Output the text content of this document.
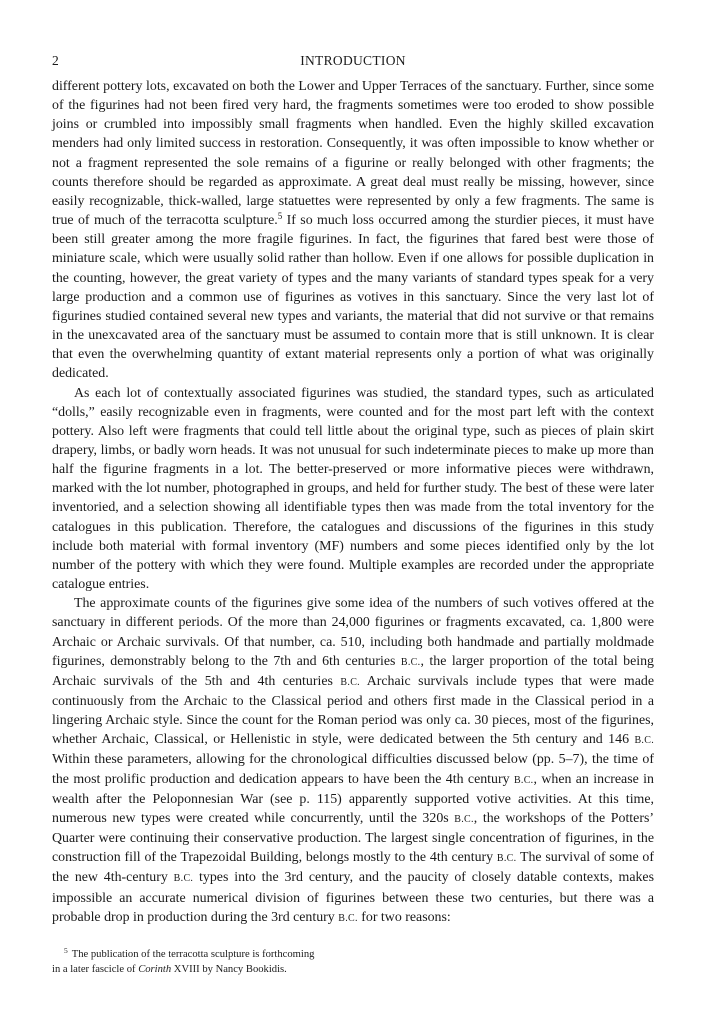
2	INTRODUCTION

different pottery lots, excavated on both the Lower and Upper Terraces of the sanctuary. Further, since some of the figurines had not been fired very hard, the fragments sometimes were too eroded to show possible joins or crumbled into impossibly small fragments when handled. Even the highly skilled excavation menders had only limited success in restoration. Consequently, it was often impossible to know whether or not a fragment represented the sole remains of a figurine or really belonged with other fragments; the counts therefore should be regarded as approximate. A great deal must really be missing, however, since easily recognizable, thick-walled, large statuettes were represented by only a few fragments. The same is true of much of the terracotta sculpture.$^5$ If so much loss occurred among the sturdier pieces, it must have been still greater among the more fragile figurines. In fact, the figurines that fared best were those of miniature scale, which were usually solid rather than hollow. Even if one allows for possible duplication in the counting, however, the great variety of types and the many variants of standard types speak for a very large production and a common use of figurines as votives in this sanctuary. Since the very last lot of figurines studied contained several new types and variants, the material that did not survive or that remains in the unexcavated area of the sanctuary must be assumed to contain more that is still unknown. It is clear that even the overwhelming quantity of extant material represents only a portion of what was originally dedicated.

As each lot of contextually associated figurines was studied, the standard types, such as articulated “dolls,” easily recognizable even in fragments, were counted and for the most part left with the context pottery. Also left were fragments that could tell little about the original type, such as pieces of plain skirt drapery, limbs, or badly worn heads. It was not unusual for such indeterminate pieces to make up more than half the figurine fragments in a lot. The better-preserved or more informative pieces were withdrawn, marked with the lot number, photographed in groups, and held for further study. The best of these were later inventoried, and a selection showing all identifiable types then was made from the total inventory for the catalogues in this publication. Therefore, the catalogues and discussions of the figurines in this study include both material with formal inventory (MF) numbers and some pieces identified only by the lot number of the pottery with which they were found. Multiple examples are recorded under the appropriate catalogue entries.

The approximate counts of the figurines give some idea of the numbers of such votives offered at the sanctuary in different periods. Of the more than 24,000 figurines or fragments excavated, ca. 1,800 were Archaic or Archaic survivals. Of that number, ca. 510, including both handmade and partially moldmade figurines, demonstrably belong to the 7th and 6th centuries B.C., the larger proportion of the total being Archaic survivals of the 5th and 4th centuries B.C. Archaic survivals include types that were made continuously from the Archaic to the Classical period and others first made in the Classical period in a lingering Archaic style. Since the count for the Roman period was only ca. 30 pieces, most of the figurines, whether Archaic, Classical, or Hellenistic in style, were dedicated between the 5th century and 146 B.C. Within these parameters, allowing for the chronological difficulties discussed below (pp. 5–7), the time of the most prolific production and dedication appears to have been the 4th century B.C., when an increase in wealth after the Peloponnesian War (see p. 115) apparently supported votive activities. At this time, numerous new types were created while concurrently, until the 320s B.C., the workshops of the Potters’ Quarter were continuing their conservative production. The largest single concentration of figurines, in the construction fill of the Trapezoidal Building, belongs mostly to the 4th century B.C. The survival of some of the new 4th-century B.C. types into the 3rd century, and the paucity of closely datable contexts, makes impossible an accurate numerical division of figurines between these two centuries, but there was a probable drop in production during the 3rd century B.C. for two reasons:

$^5$ The publication of the terracotta sculpture is forthcoming
in a later fascicle of Corinth XVIII by Nancy Bookidis.
